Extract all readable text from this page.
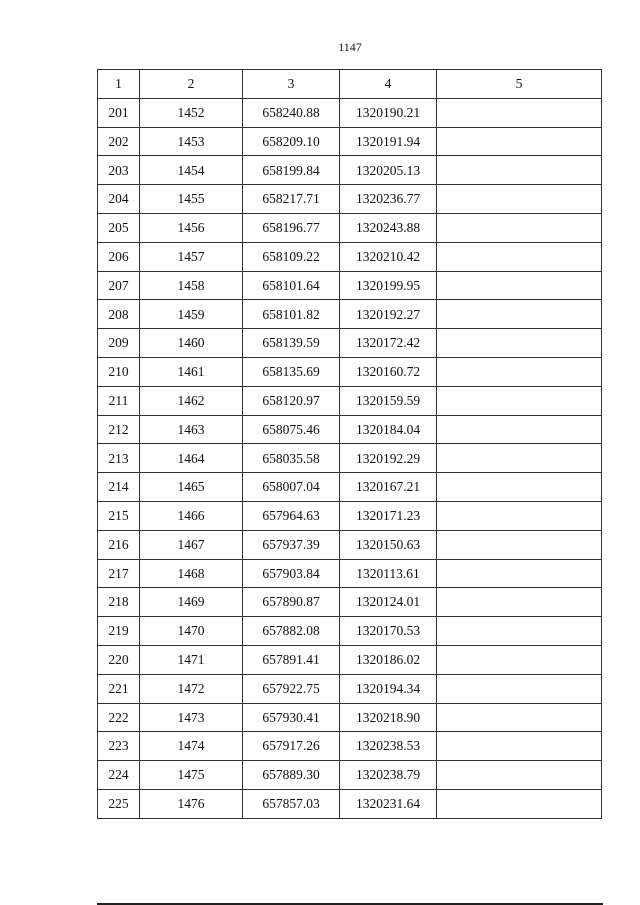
1147
1	2	3	4	5
201	1452	658240.88	1320190.21	
202	1453	658209.10	1320191.94	
203	1454	658199.84	1320205.13	
204	1455	658217.71	1320236.77	
205	1456	658196.77	1320243.88	
206	1457	658109.22	1320210.42	
207	1458	658101.64	1320199.95	
208	1459	658101.82	1320192.27	
209	1460	658139.59	1320172.42	
210	1461	658135.69	1320160.72	
211	1462	658120.97	1320159.59	
212	1463	658075.46	1320184.04	
213	1464	658035.58	1320192.29	
214	1465	658007.04	1320167.21	
215	1466	657964.63	1320171.23	
216	1467	657937.39	1320150.63	
217	1468	657903.84	1320113.61	
218	1469	657890.87	1320124.01	
219	1470	657882.08	1320170.53	
220	1471	657891.41	1320186.02	
221	1472	657922.75	1320194.34	
222	1473	657930.41	1320218.90	
223	1474	657917.26	1320238.53	
224	1475	657889.30	1320238.79	
225	1476	657857.03	1320231.64	
